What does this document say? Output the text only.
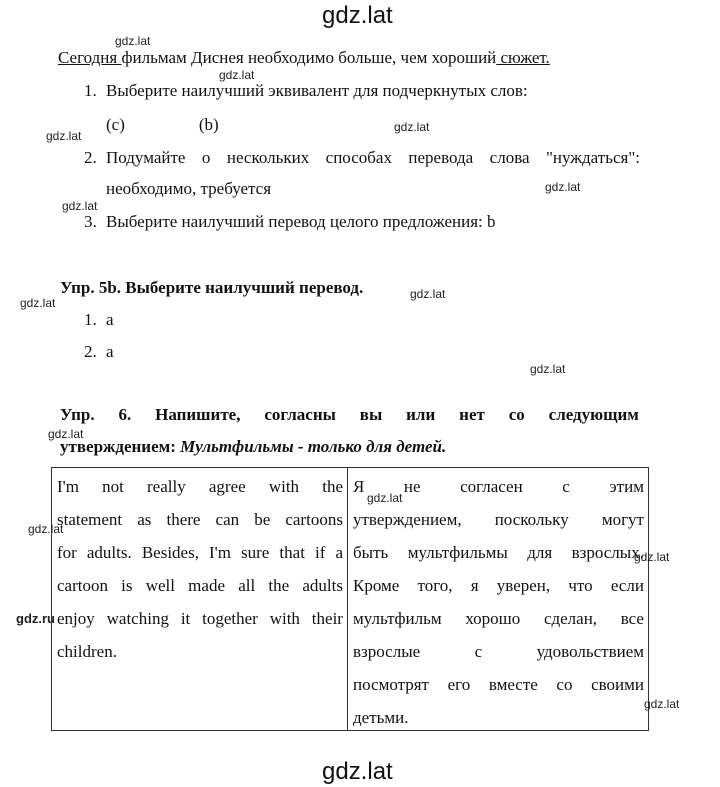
gdz.lat
gdz.lat
gdz.lat
gdz.lat
gdz.lat
gdz.lat
gdz.lat
gdz.lat
gdz.lat
gdz.lat
gdz.lat
Сегодня фильмам Диснея необходимо больше, чем хороший сюжет.
1. Выберите наилучший эквивалент для подчеркнутых слов:
(c)	(b)
2. Подумайте о нескольких способах перевода слова "нуждаться":
необходимо, требуется
3. Выберите наилучший перевод целого предложения: b
Упр. 5b. Выберите наилучший перевод.
1. a
2. a
Упр. 6. Напишите, согласны вы или нет со следующим
утверждением: Мультфильмы - только для детей.
I'm not really agree with the
statement as there can be cartoons
for adults. Besides, I'm sure that if a
cartoon is well made all the adults
enjoy watching it together with their
children.

Я не согласен с этим
утверждением, поскольку могут
быть мультфильмы для взрослых.
Кроме того, я уверен, что если
мультфильм хорошо сделан, все
взрослые	с	удовольствием
посмотрят его вместе со своими
детьми.
gdz.lat
gdz.lat
gdz.lat
gdz.ru
gdz.lat
gdz.lat
